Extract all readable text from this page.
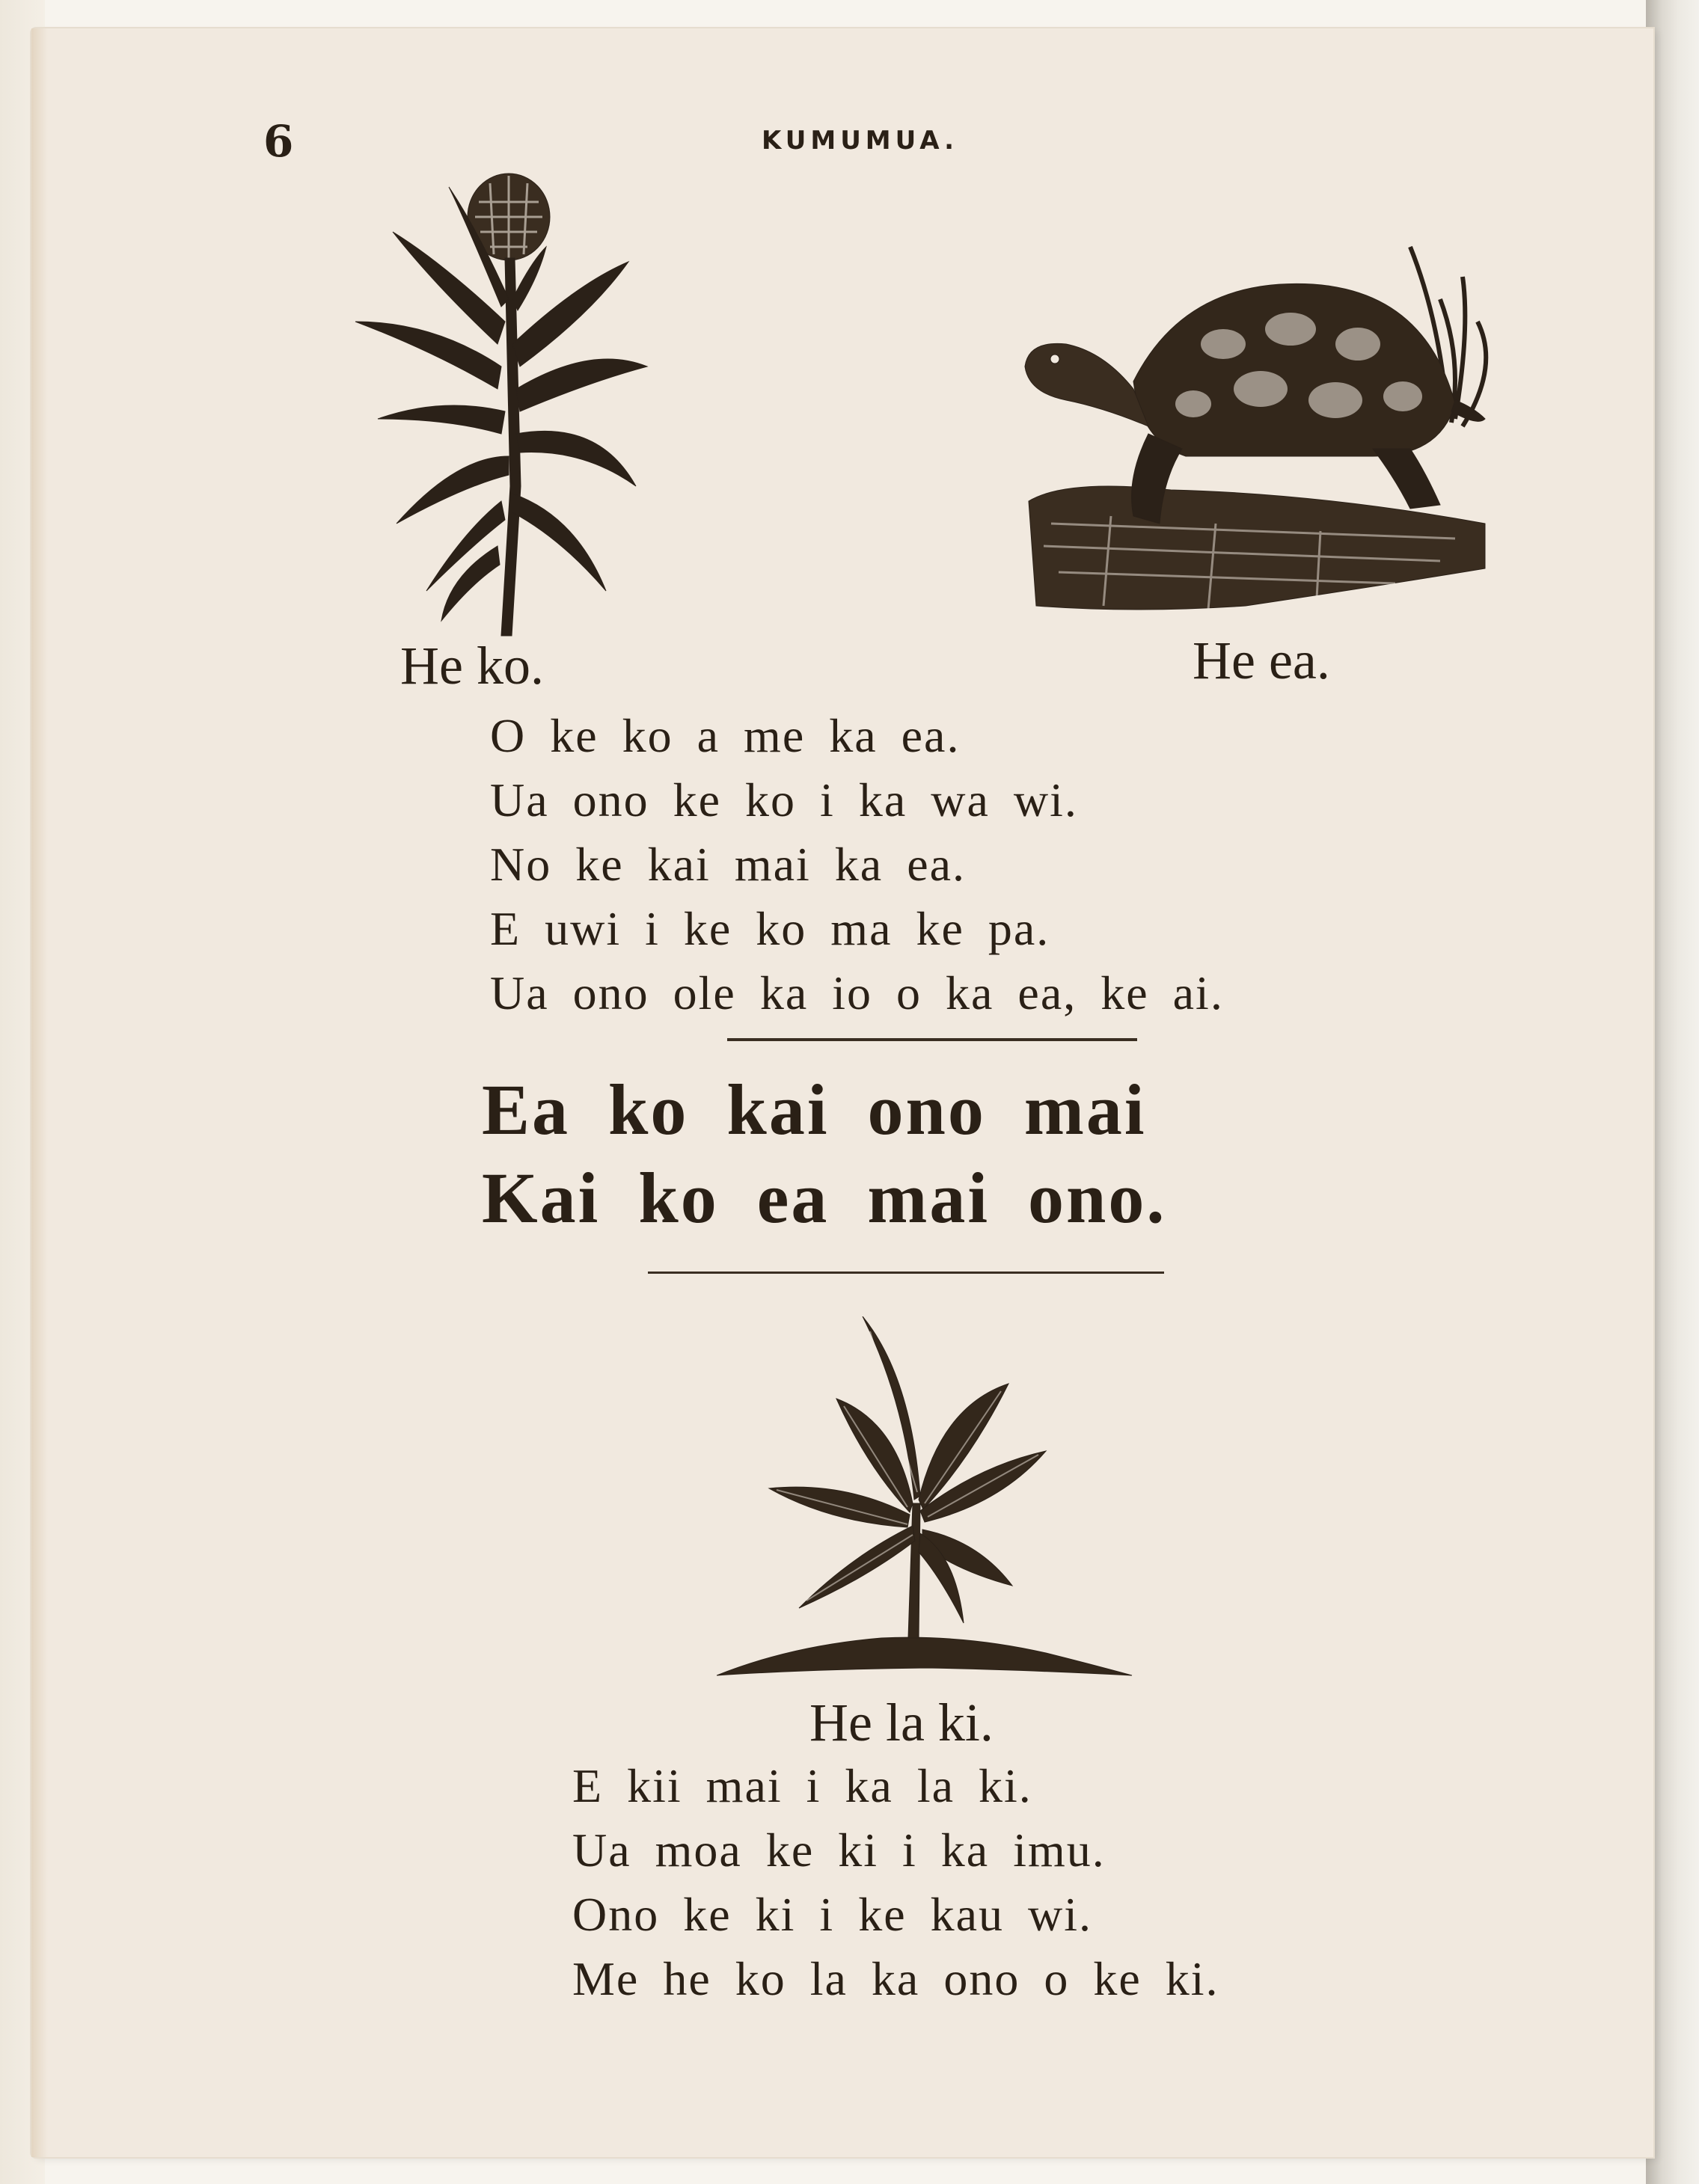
6	KUMUMUA.

He ko.	He ea.

O ke ko a me ka ea.
Ua ono ke ko i ka wa wi.
No ke kai mai ka ea.
E uwi i ke ko ma ke pa.
Ua ono ole ka io o ka ea, ke ai.
Ea ko kai ono mai
Kai ko ea mai ono.

He la ki.

E kii mai i ka la ki.
Ua moa ke ki i ka imu.
Ono ke ki i ke kau wi.
Me he ko la ka ono o ke ki.
